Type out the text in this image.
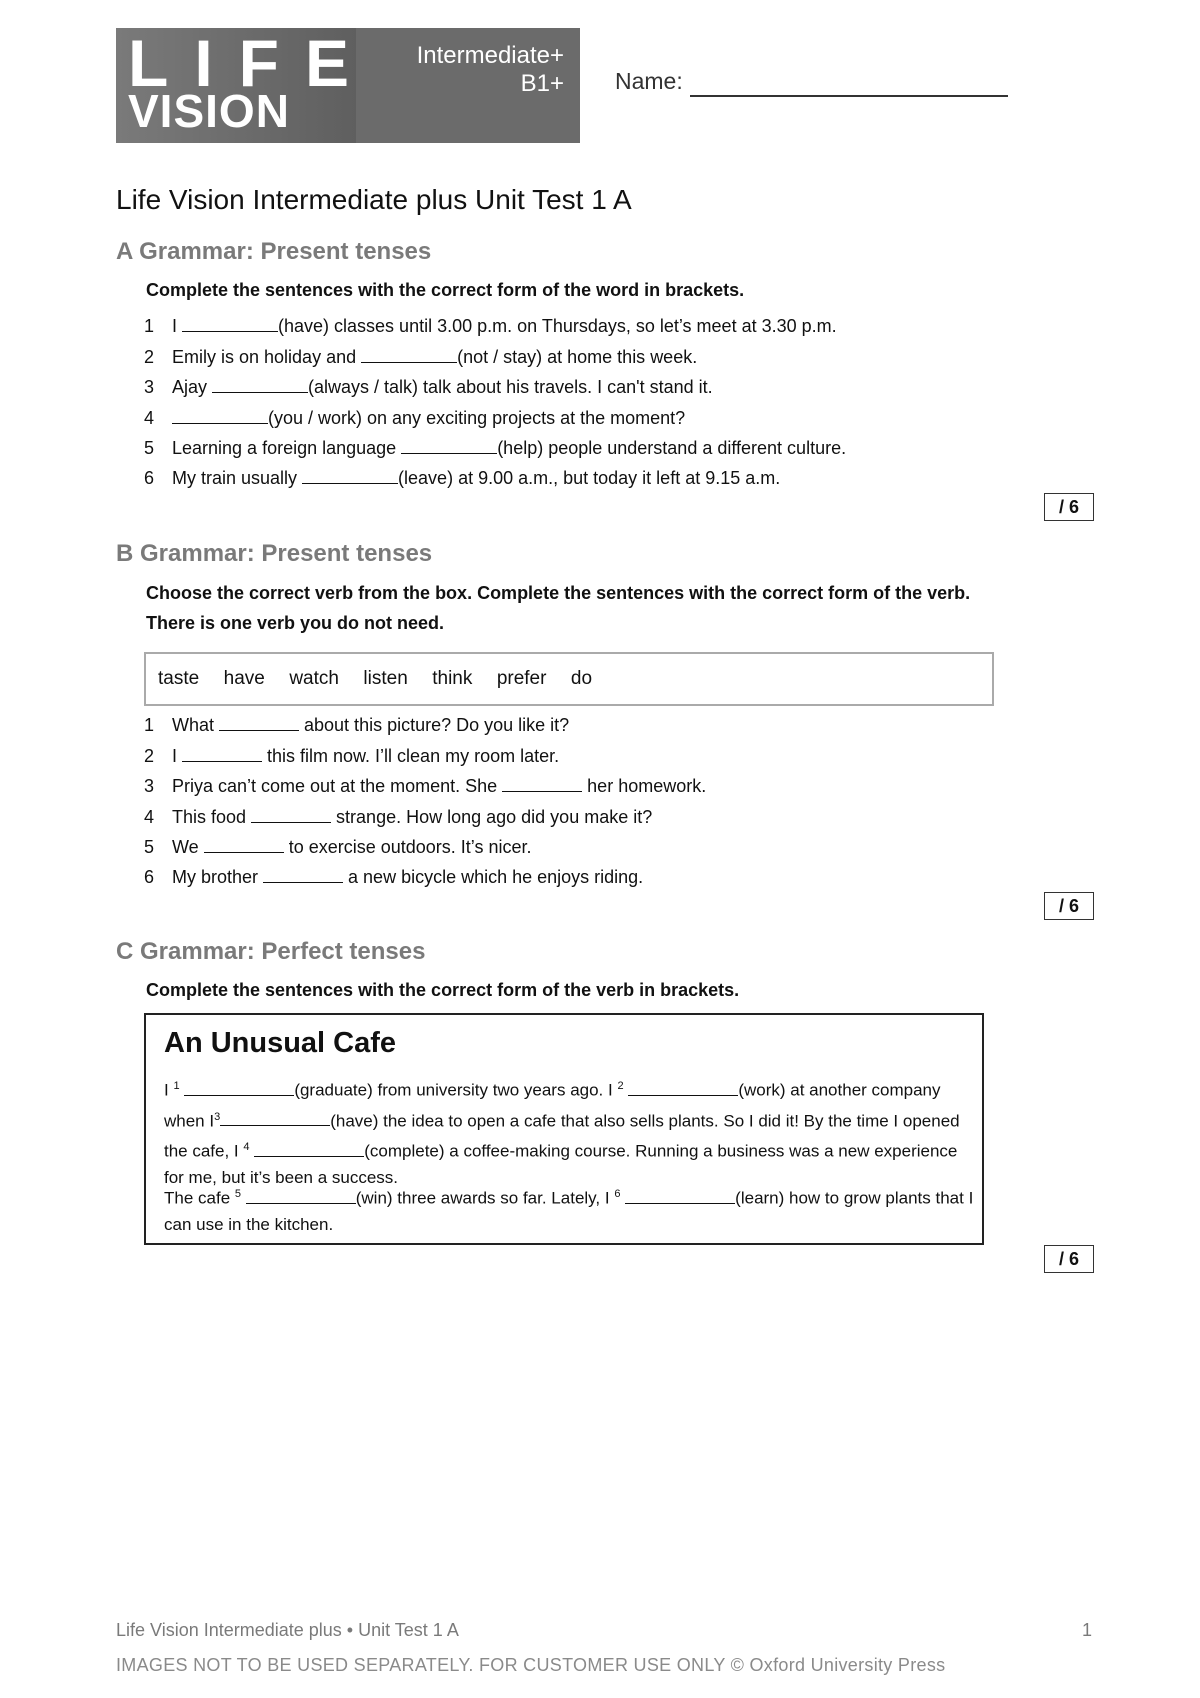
LIFE
VISION
Intermediate+
B1+ Name:
Life Vision Intermediate plus Unit Test 1 A
A Grammar: Present tenses
Complete the sentences with the correct form of the word in brackets.
1 I	(have) classes until 3.00 p.m. on Thursdays, so let’s meet at 3.30 p.m.
2 Emily is on holiday and	(not / stay) at home this week.
3 Ajay	(always / talk) talk about his travels. I can't stand it.
4	(you / work) on any exciting projects at the moment?
5 Learning a foreign language	(help) people understand a different culture.
6 My train usually	(leave) at 9.00 a.m., but today it left at 9.15 a.m.
/ 6
B Grammar: Present tenses
Choose the correct verb from the box. Complete the sentences with the correct form of the verb. There is one verb you do not need.
taste have watch listen think prefer do
1 What	about this picture? Do you like it?
2 I	this film now. I’ll clean my room later.
3 Priya can’t come out at the moment. She	her homework.
4 This food	strange. How long ago did you make it?
5 We	to exercise outdoors. It’s nicer.
6 My brother	a new bicycle which he enjoys riding.
/ 6
C Grammar: Perfect tenses
Complete the sentences with the correct form of the verb in brackets.
An Unusual Cafe
I $^1$	(graduate) from university two years ago. I $^2$	(work) at another company when $I^3$	(have) the idea to open a cafe that also sells plants. So I did it! By the time I opened the cafe, I $^4$	(complete) a coffee-making course. Running a business was a new experience for me, but it’s been a success.
The cafe $^5$	(win) three awards so far. Lately, I $^6$	(learn) how to grow plants that I can use in the kitchen.
/ 6
Life Vision Intermediate plus • Unit Test 1 A	1
IMAGES NOT TO BE USED SEPARATELY. FOR CUSTOMER USE ONLY © Oxford University Press
